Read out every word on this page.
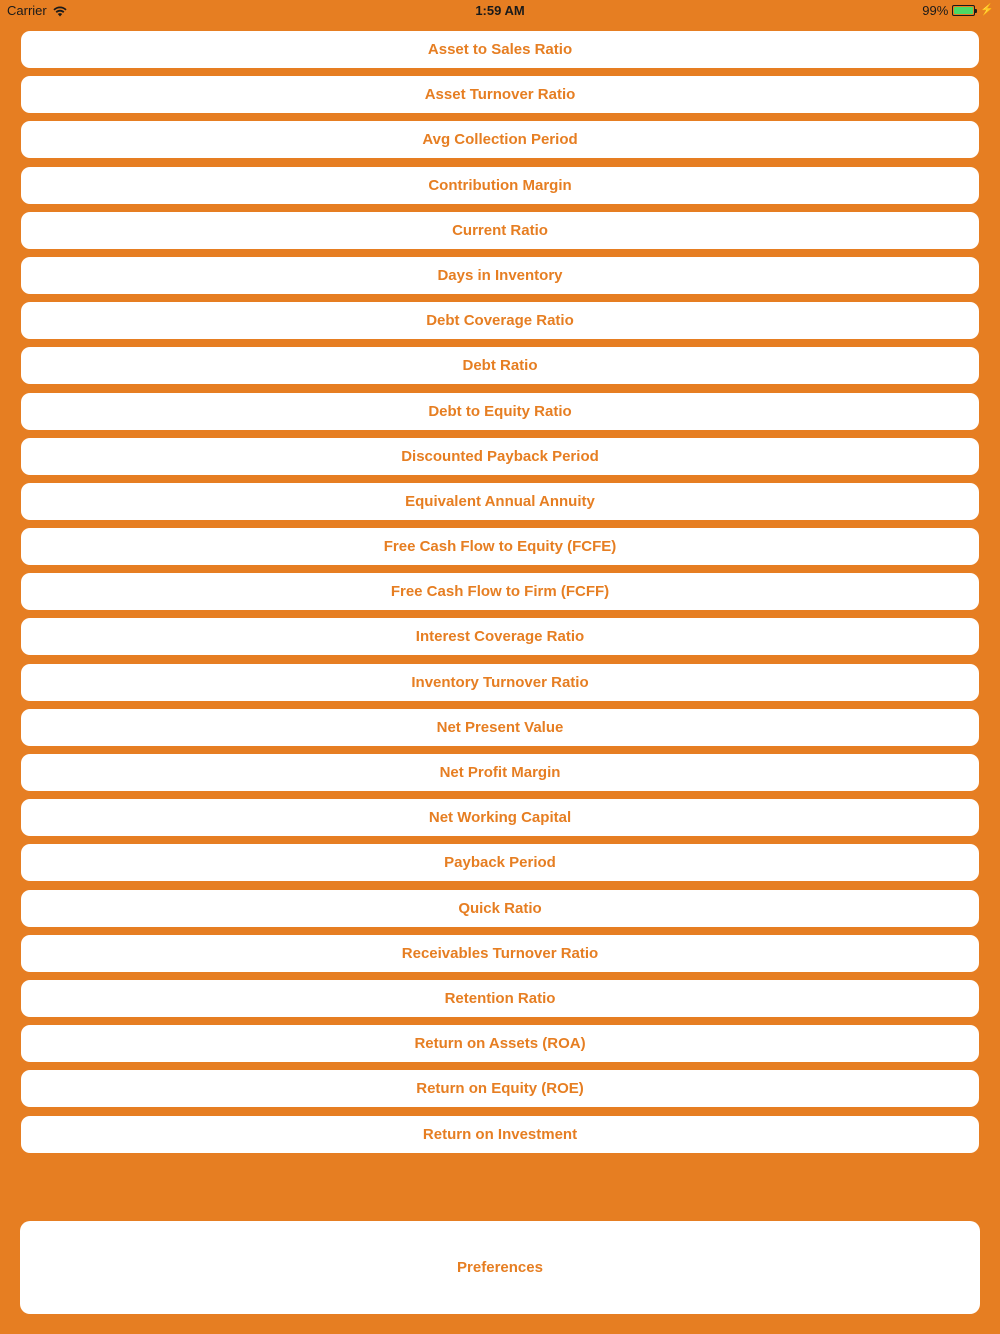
Carrier	1:59 AM	99%	⚡
Asset to Sales Ratio
Asset Turnover Ratio
Avg Collection Period
Contribution Margin
Current Ratio
Days in Inventory
Debt Coverage Ratio
Debt Ratio
Debt to Equity Ratio
Discounted Payback Period
Equivalent Annual Annuity
Free Cash Flow to Equity (FCFE)
Free Cash Flow to Firm (FCFF)
Interest Coverage Ratio
Inventory Turnover Ratio
Net Present Value
Net Profit Margin
Net Working Capital
Payback Period
Quick Ratio
Receivables Turnover Ratio
Retention Ratio
Return on Assets (ROA)
Return on Equity (ROE)
Return on Investment
Preferences
